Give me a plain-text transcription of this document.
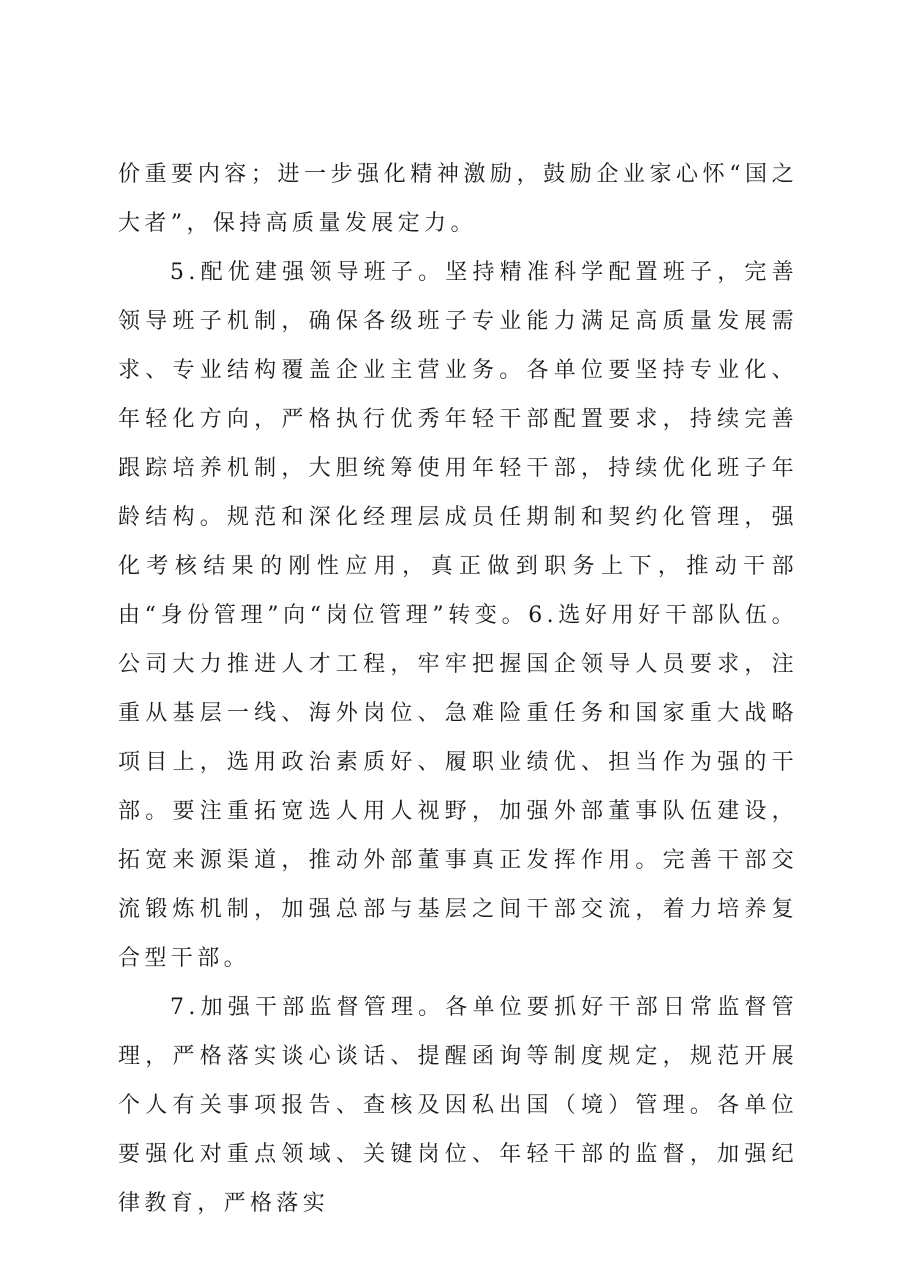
价重要内容；进一步强化精神激励，鼓励企业家心怀“国之大者”，保持高质量发展定力。

5.配优建强领导班子。坚持精准科学配置班子，完善领导班子机制，确保各级班子专业能力满足高质量发展需求、专业结构覆盖企业主营业务。各单位要坚持专业化、年轻化方向，严格执行优秀年轻干部配置要求，持续完善跟踪培养机制，大胆统筹使用年轻干部，持续优化班子年龄结构。规范和深化经理层成员任期制和契约化管理，强化考核结果的刚性应用，真正做到职务上下，推动干部由“身份管理”向“岗位管理”转变。6.选好用好干部队伍。公司大力推进人才工程，牢牢把握国企领导人员要求，注重从基层一线、海外岗位、急难险重任务和国家重大战略项目上，选用政治素质好、履职业绩优、担当作为强的干部。要注重拓宽选人用人视野，加强外部董事队伍建设，拓宽来源渠道，推动外部董事真正发挥作用。完善干部交流锻炼机制，加强总部与基层之间干部交流，着力培养复合型干部。

7.加强干部监督管理。各单位要抓好干部日常监督管理，严格落实谈心谈话、提醒函询等制度规定，规范开展个人有关事项报告、查核及因私出国（境）管理。各单位要强化对重点领域、关键岗位、年轻干部的监督，加强纪律教育，严格落实
